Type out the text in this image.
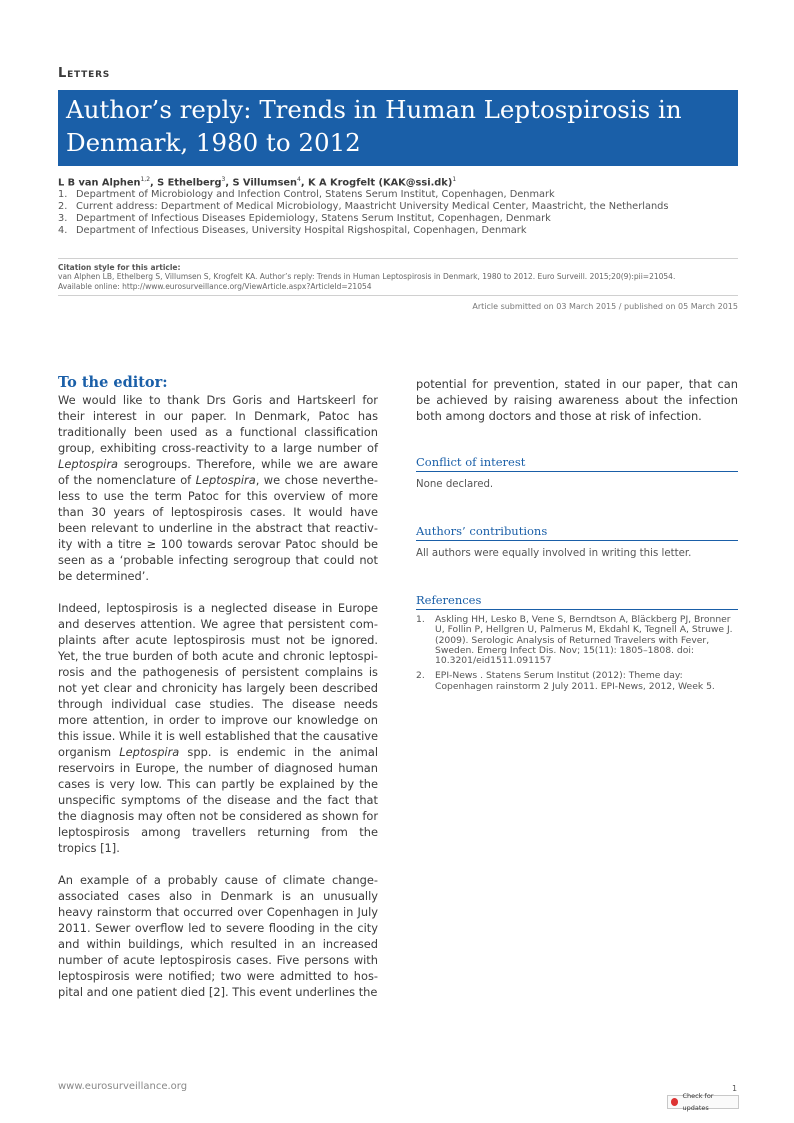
Letters
Author’s reply: Trends in Human Leptospirosis in Denmark, 1980 to 2012
L B van Alphen$^{1,2}$, S Ethelberg$^3$, S Villumsen$^4$, K A Krogfelt (KAK@ssi.dk)$^1$
1. Department of Microbiology and Infection Control, Statens Serum Institut, Copenhagen, Denmark
2. Current address: Department of Medical Microbiology, Maastricht University Medical Center, Maastricht, the Netherlands
3. Department of Infectious Diseases Epidemiology, Statens Serum Institut, Copenhagen, Denmark
4. Department of Infectious Diseases, University Hospital Rigshospital, Copenhagen, Denmark
Citation style for this article:
van Alphen LB, Ethelberg S, Villumsen S, Krogfelt KA. Author’s reply: Trends in Human Leptospirosis in Denmark, 1980 to 2012. Euro Surveill. 2015;20(9):pii=21054.
Available online: http://www.eurosurveillance.org/ViewArticle.aspx?ArticleId=21054
Article submitted on 03 March 2015 / published on 05 March 2015
To the editor:

We would like to thank Drs Goris and Hartskeerl for their interest in our paper. In Denmark, Patoc has traditionally been used as a functional classification group, exhibiting cross-reactivity to a large number of Leptospira serogroups. Therefore, while we are aware of the nomenclature of Leptospira, we chose nevertheless to use the term Patoc for this overview of more than 30 years of leptospirosis cases. It would have been relevant to underline in the abstract that reactivity with a titre ≥ 100 towards serovar Patoc should be seen as a ‘probable infecting serogroup that could not be determined’.

Indeed, leptospirosis is a neglected disease in Europe and deserves attention. We agree that persistent complaints after acute leptospirosis must not be ignored. Yet, the true burden of both acute and chronic leptospirosis and the pathogenesis of persistent complains is not yet clear and chronicity has largely been described through individual case studies. The disease needs more attention, in order to improve our knowledge on this issue. While it is well established that the causative organism Leptospira spp. is endemic in the animal reservoirs in Europe, the number of diagnosed human cases is very low. This can partly be explained by the unspecific symptoms of the disease and the fact that the diagnosis may often not be considered as shown for leptospirosis among travellers returning from the tropics [1].

An example of a probably cause of climate change-associated cases also in Denmark is an unusually heavy rainstorm that occurred over Copenhagen in July 2011. Sewer overflow led to severe flooding in the city and within buildings, which resulted in an increased number of acute leptospirosis cases. Five persons with leptospirosis were notified; two were admitted to hospital and one patient died [2]. This event underlines the

potential for prevention, stated in our paper, that can be achieved by raising awareness about the infection both among doctors and those at risk of infection.

Conflict of interest
None declared.
Authors’ contributions
All authors were equally involved in writing this letter.
References
1.	Askling HH, Lesko B, Vene S, Berndtson A, Bläckberg PJ, Bronner U, Follin P, Hellgren U, Palmerus M, Ekdahl K, Tegnell A, Struwe J. (2009). Serologic Analysis of Returned Travelers with Fever, Sweden. Emerg Infect Dis. Nov; 15(11): 1805–1808. doi: 10.3201/eid1511.091157
2.	EPI-News . Statens Serum Institut (2012): Theme day: Copenhagen rainstorm 2 July 2011. EPI-News, 2012, Week 5.
www.eurosurveillance.org	1
Check for updates
